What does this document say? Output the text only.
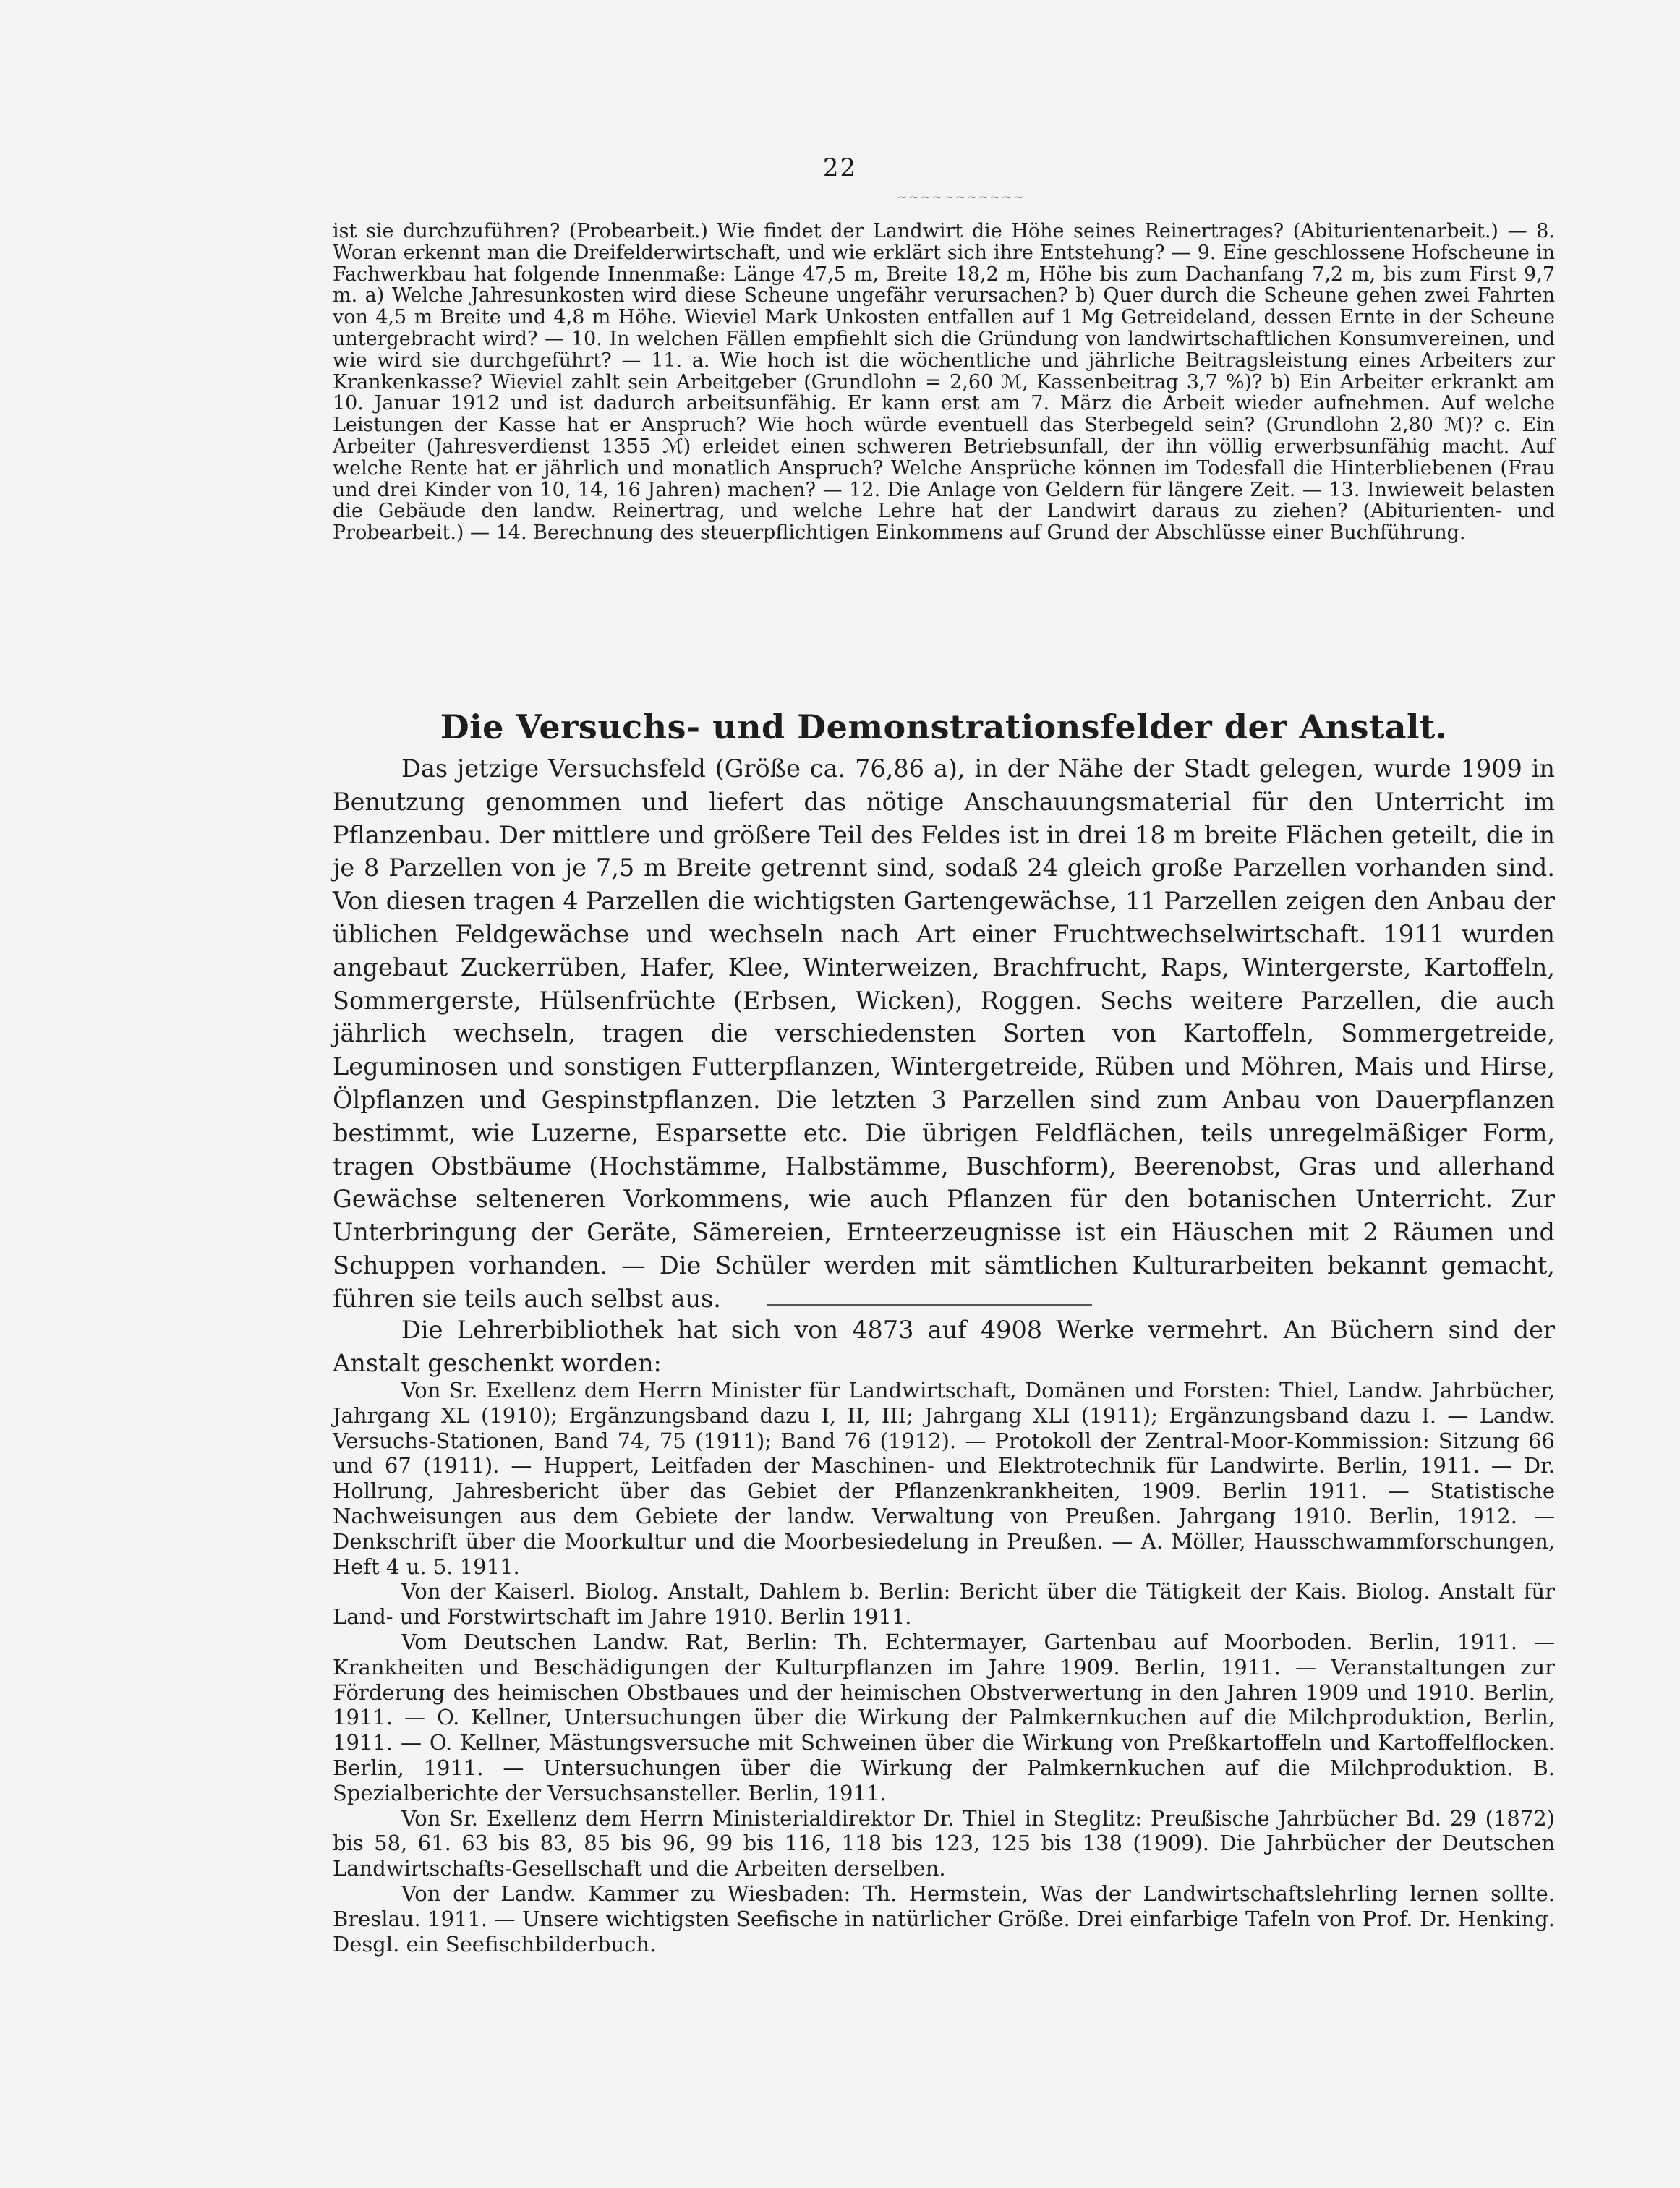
22
~~~~~~~~~~~

ist sie durchzuführen? (Probearbeit.) Wie findet der Landwirt die Höhe seines Reinertrages? (Abiturientenarbeit.) — 8. Woran erkennt man die Dreifelderwirtschaft, und wie erklärt sich ihre Entstehung? — 9. Eine geschlossene Hofscheune in Fachwerkbau hat folgende Innenmaße: Länge 47,5 m, Breite 18,2 m, Höhe bis zum Dachanfang 7,2 m, bis zum First 9,7 m. a) Welche Jahresunkosten wird diese Scheune ungefähr verursachen? b) Quer durch die Scheune gehen zwei Fahrten von 4,5 m Breite und 4,8 m Höhe. Wieviel Mark Unkosten entfallen auf 1 Mg Getreideland, dessen Ernte in der Scheune untergebracht wird? — 10. In welchen Fällen empfiehlt sich die Gründung von landwirtschaftlichen Konsumvereinen, und wie wird sie durchgeführt? — 11. a. Wie hoch ist die wöchentliche und jährliche Beitragsleistung eines Arbeiters zur Krankenkasse? Wieviel zahlt sein Arbeitgeber (Grundlohn = 2,60 ℳ, Kassenbeitrag 3,7 %)? b) Ein Arbeiter erkrankt am 10. Januar 1912 und ist dadurch arbeitsunfähig. Er kann erst am 7. März die Arbeit wieder aufnehmen. Auf welche Leistungen der Kasse hat er Anspruch? Wie hoch würde eventuell das Sterbegeld sein? (Grundlohn 2,80 ℳ)? c. Ein Arbeiter (Jahresverdienst 1355 ℳ) erleidet einen schweren Betriebsunfall, der ihn völlig erwerbsunfähig macht. Auf welche Rente hat er jährlich und monatlich Anspruch? Welche Ansprüche können im Todesfall die Hinterbliebenen (Frau und drei Kinder von 10, 14, 16 Jahren) machen? — 12. Die Anlage von Geldern für längere Zeit. — 13. Inwieweit belasten die Gebäude den landw. Reinertrag, und welche Lehre hat der Landwirt daraus zu ziehen? (Abiturienten- und Probearbeit.) — 14. Berechnung des steuerpflichtigen Einkommens auf Grund der Abschlüsse einer Buchführung.

Die Versuchs- und Demonstrationsfelder der Anstalt.

Das jetzige Versuchsfeld (Größe ca. 76,86 a), in der Nähe der Stadt gelegen, wurde 1909 in Benutzung genommen und liefert das nötige Anschauungsmaterial für den Unterricht im Pflanzenbau. Der mittlere und größere Teil des Feldes ist in drei 18 m breite Flächen geteilt, die in je 8 Parzellen von je 7,5 m Breite getrennt sind, sodaß 24 gleich große Parzellen vorhanden sind. Von diesen tragen 4 Parzellen die wichtigsten Gartengewächse, 11 Parzellen zeigen den Anbau der üblichen Feldgewächse und wechseln nach Art einer Fruchtwechselwirtschaft. 1911 wurden angebaut Zuckerrüben, Hafer, Klee, Winterweizen, Brachfrucht, Raps, Wintergerste, Kartoffeln, Sommergerste, Hülsenfrüchte (Erbsen, Wicken), Roggen. Sechs weitere Parzellen, die auch jährlich wechseln, tragen die verschiedensten Sorten von Kartoffeln, Sommergetreide, Leguminosen und sonstigen Futterpflanzen, Wintergetreide, Rüben und Möhren, Mais und Hirse, Ölpflanzen und Gespinstpflanzen. Die letzten 3 Parzellen sind zum Anbau von Dauerpflanzen bestimmt, wie Luzerne, Esparsette etc. Die übrigen Feldflächen, teils unregelmäßiger Form, tragen Obstbäume (Hochstämme, Halbstämme, Buschform), Beerenobst, Gras und allerhand Gewächse selteneren Vorkommens, wie auch Pflanzen für den botanischen Unterricht. Zur Unterbringung der Geräte, Sämereien, Ernteerzeugnisse ist ein Häuschen mit 2 Räumen und Schuppen vorhanden. — Die Schüler werden mit sämtlichen Kulturarbeiten bekannt gemacht, führen sie teils auch selbst aus.

Die Lehrerbibliothek hat sich von 4873 auf 4908 Werke vermehrt. An Büchern sind der Anstalt geschenkt worden:

Von Sr. Exellenz dem Herrn Minister für Landwirtschaft, Domänen und Forsten: Thiel, Landw. Jahrbücher, Jahrgang XL (1910); Ergänzungsband dazu I, II, III; Jahrgang XLI (1911); Ergänzungsband dazu I. — Landw. Versuchs-Stationen, Band 74, 75 (1911); Band 76 (1912). — Protokoll der Zentral-Moor-Kommission: Sitzung 66 und 67 (1911). — Huppert, Leitfaden der Maschinen- und Elektrotechnik für Landwirte. Berlin, 1911. — Dr. Hollrung, Jahresbericht über das Gebiet der Pflanzenkrankheiten, 1909. Berlin 1911. — Statistische Nachweisungen aus dem Gebiete der landw. Verwaltung von Preußen. Jahrgang 1910. Berlin, 1912. — Denkschrift über die Moorkultur und die Moorbesiedelung in Preußen. — A. Möller, Hausschwammforschungen, Heft 4 u. 5. 1911.

Von der Kaiserl. Biolog. Anstalt, Dahlem b. Berlin: Bericht über die Tätigkeit der Kais. Biolog. Anstalt für Land- und Forstwirtschaft im Jahre 1910. Berlin 1911.

Vom Deutschen Landw. Rat, Berlin: Th. Echtermayer, Gartenbau auf Moorboden. Berlin, 1911. — Krankheiten und Beschädigungen der Kulturpflanzen im Jahre 1909. Berlin, 1911. — Veranstaltungen zur Förderung des heimischen Obstbaues und der heimischen Obstverwertung in den Jahren 1909 und 1910. Berlin, 1911. — O. Kellner, Untersuchungen über die Wirkung der Palmkernkuchen auf die Milchproduktion, Berlin, 1911. — O. Kellner, Mästungsversuche mit Schweinen über die Wirkung von Preßkartoffeln und Kartoffelflocken. Berlin, 1911. — Untersuchungen über die Wirkung der Palmkernkuchen auf die Milchproduktion. B. Spezialberichte der Versuchsansteller. Berlin, 1911.

Von Sr. Exellenz dem Herrn Ministerialdirektor Dr. Thiel in Steglitz: Preußische Jahrbücher Bd. 29 (1872) bis 58, 61. 63 bis 83, 85 bis 96, 99 bis 116, 118 bis 123, 125 bis 138 (1909). Die Jahrbücher der Deutschen Landwirtschafts-Gesellschaft und die Arbeiten derselben.

Von der Landw. Kammer zu Wiesbaden: Th. Hermstein, Was der Landwirtschaftslehrling lernen sollte. Breslau. 1911. — Unsere wichtigsten Seefische in natürlicher Größe. Drei einfarbige Tafeln von Prof. Dr. Henking. Desgl. ein Seefischbilderbuch.
